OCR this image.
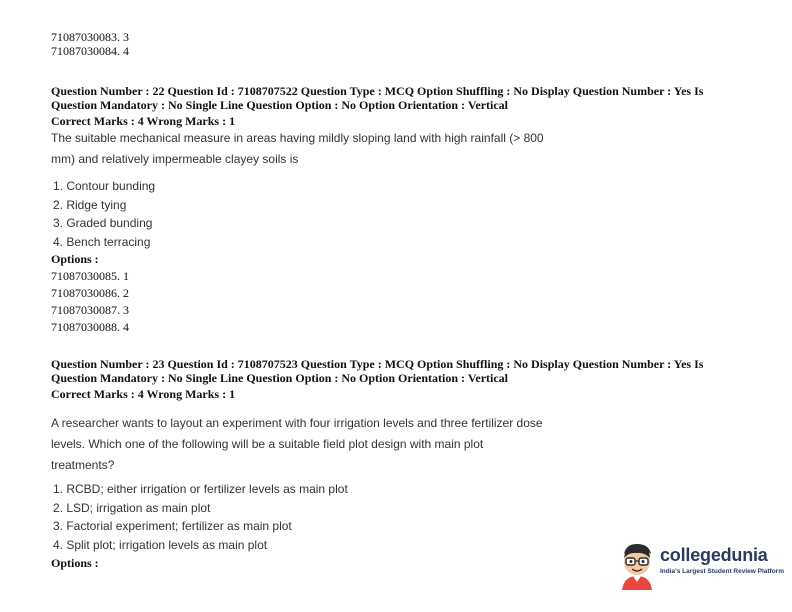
71087030083. 3
71087030084. 4
Question Number : 22 Question Id : 7108707522 Question Type : MCQ Option Shuffling : No Display Question Number : Yes Is
Question Mandatory : No Single Line Question Option : No Option Orientation : Vertical
Correct Marks : 4 Wrong Marks : 1
The suitable mechanical measure in areas having mildly sloping land with high rainfall (> 800
mm) and relatively impermeable clayey soils is
1. Contour bunding
2. Ridge tying
3. Graded bunding
4. Bench terracing
Options :
71087030085. 1
71087030086. 2
71087030087. 3
71087030088. 4
Question Number : 23 Question Id : 7108707523 Question Type : MCQ Option Shuffling : No Display Question Number : Yes Is
Question Mandatory : No Single Line Question Option : No Option Orientation : Vertical
Correct Marks : 4 Wrong Marks : 1
A researcher wants to layout an experiment with four irrigation levels and three fertilizer dose
levels. Which one of the following will be a suitable field plot design with main plot
treatments?
1. RCBD; either irrigation or fertilizer levels as main plot
2. LSD; irrigation as main plot
3. Factorial experiment; fertilizer as main plot
4. Split plot; irrigation levels as main plot
Options :	collegedunia
India's Largest Student Review Platform
